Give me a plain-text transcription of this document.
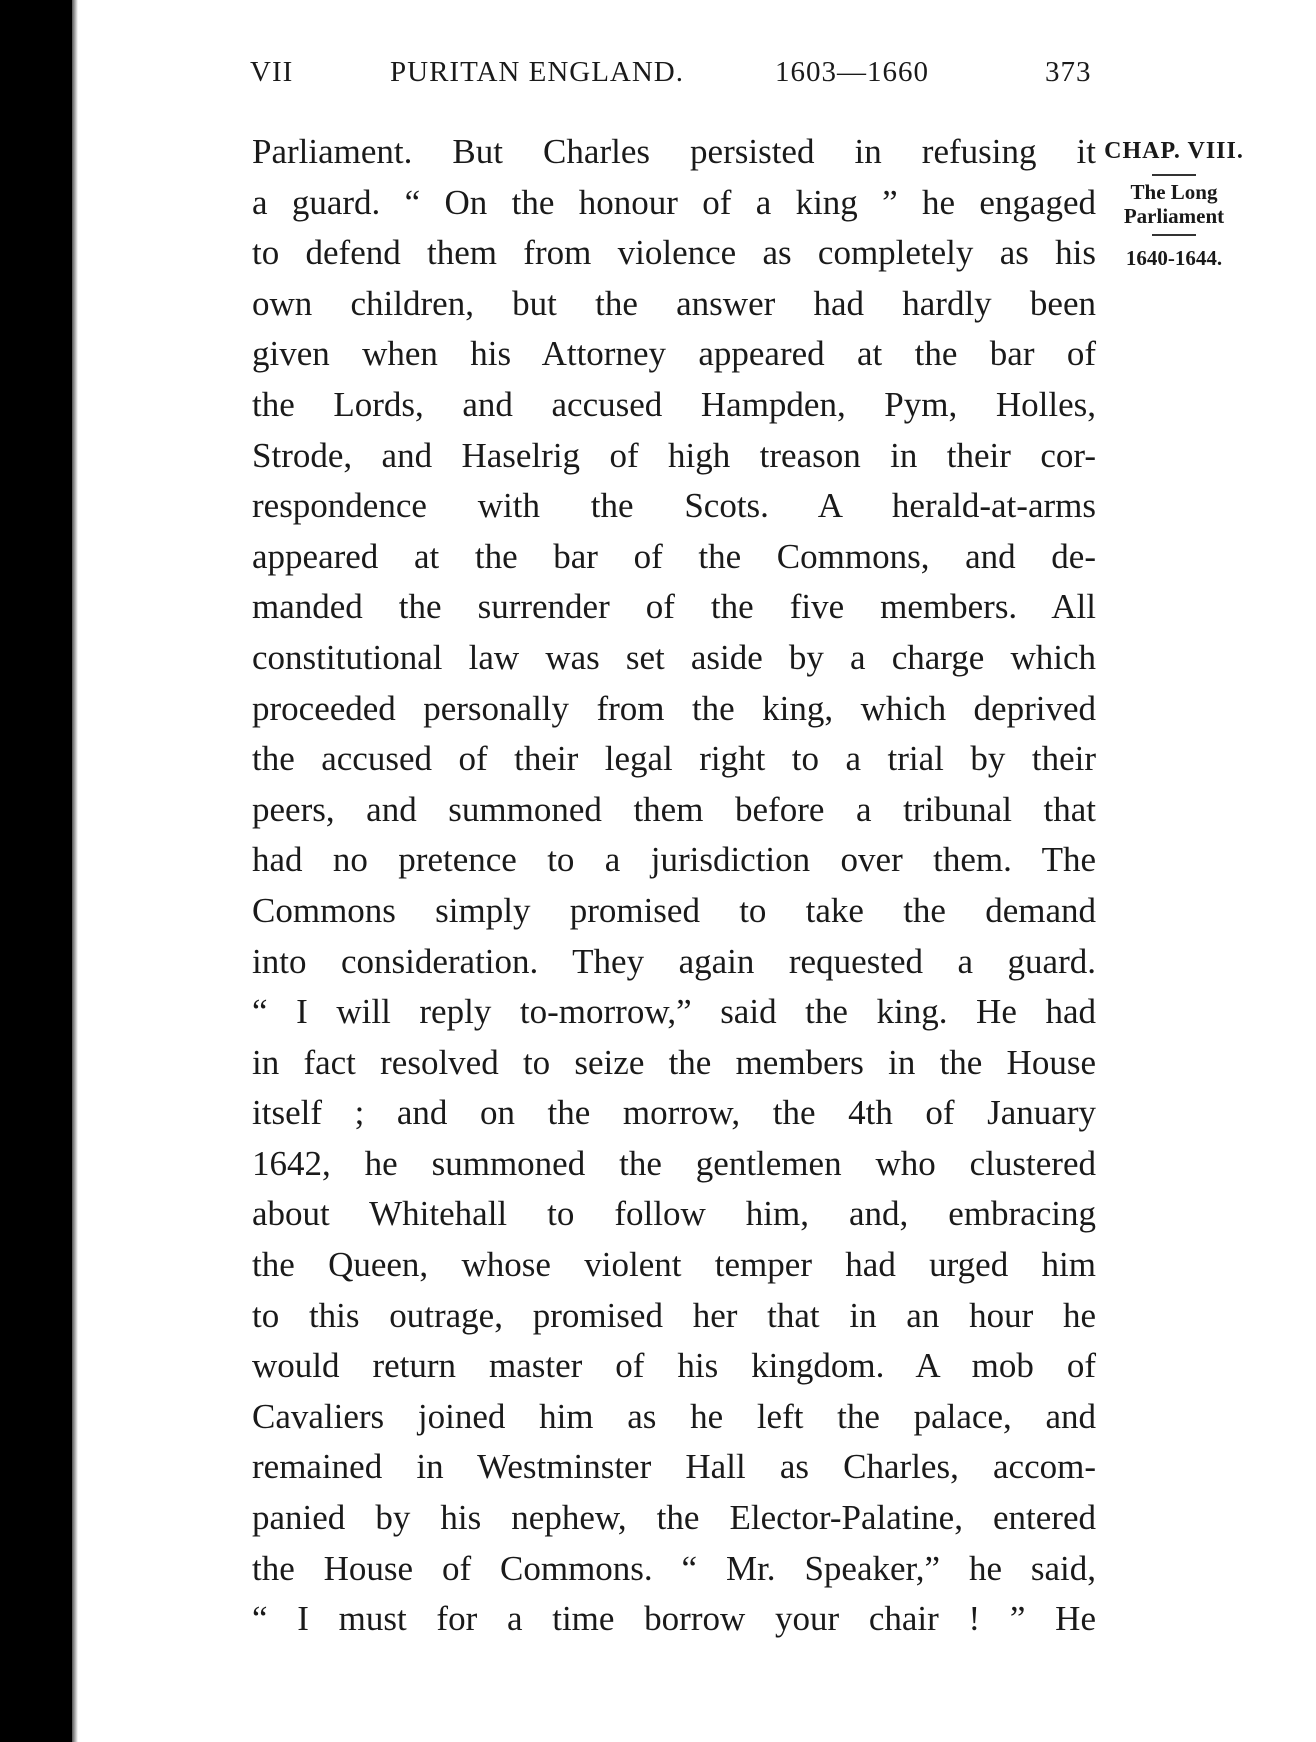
VII	PURITAN ENGLAND.	1603—1660	373
CHAP. VIII.
The Long
Parliament
1640-1644.
Parliament. But Charles persisted in refusing it
a guard. “ On the honour of a king ” he engaged
to defend them from violence as completely as his
own children, but the answer had hardly been
given when his Attorney appeared at the bar of
the Lords, and accused Hampden, Pym, Holles,
Strode, and Haselrig of high treason in their cor-
respondence with the Scots. A herald-at-arms
appeared at the bar of the Commons, and de-
manded the surrender of the five members. All
constitutional law was set aside by a charge which
proceeded personally from the king, which deprived
the accused of their legal right to a trial by their
peers, and summoned them before a tribunal that
had no pretence to a jurisdiction over them. The
Commons simply promised to take the demand
into consideration. They again requested a guard.
“ I will reply to-morrow,” said the king. He had
in fact resolved to seize the members in the House
itself ; and on the morrow, the 4th of January
1642, he summoned the gentlemen who clustered
about Whitehall to follow him, and, embracing
the Queen, whose violent temper had urged him
to this outrage, promised her that in an hour he
would return master of his kingdom. A mob of
Cavaliers joined him as he left the palace, and
remained in Westminster Hall as Charles, accom-
panied by his nephew, the Elector-Palatine, entered
the House of Commons. “ Mr. Speaker,” he said,
“ I must for a time borrow your chair ! ” He
